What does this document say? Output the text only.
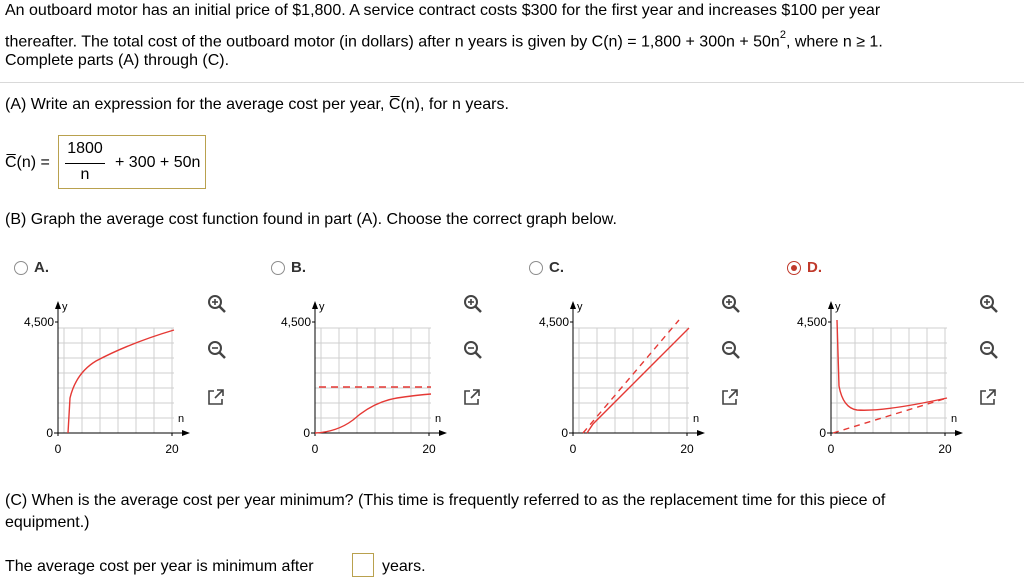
An outboard motor has an initial price of $1,800. A service contract costs $300 for the first year and increases $100 per year
thereafter. The total cost of the outboard motor (in dollars) after n years is given by $C(n) = 1,800 + 300n + 50n^2$, where n ≥ 1.
Complete parts (A) through (C).
(A) Write an expression for the average cost per year, C̅(n), for n years.
C̅(n) =
1800
n
+ 300 + 50n
(B) Graph the average cost function found in part (A). Choose the correct graph below.
A.	B.	C.	D.
y
n
4,500
0
0	20
y
n
4,500
0
0	20
y
n
4,500
0
0	20
y
n
4,500
0
0	20
(C) When is the average cost per year minimum? (This time is frequently referred to as the replacement time for this piece of
equipment.)
The average cost per year is minimum after	years.
